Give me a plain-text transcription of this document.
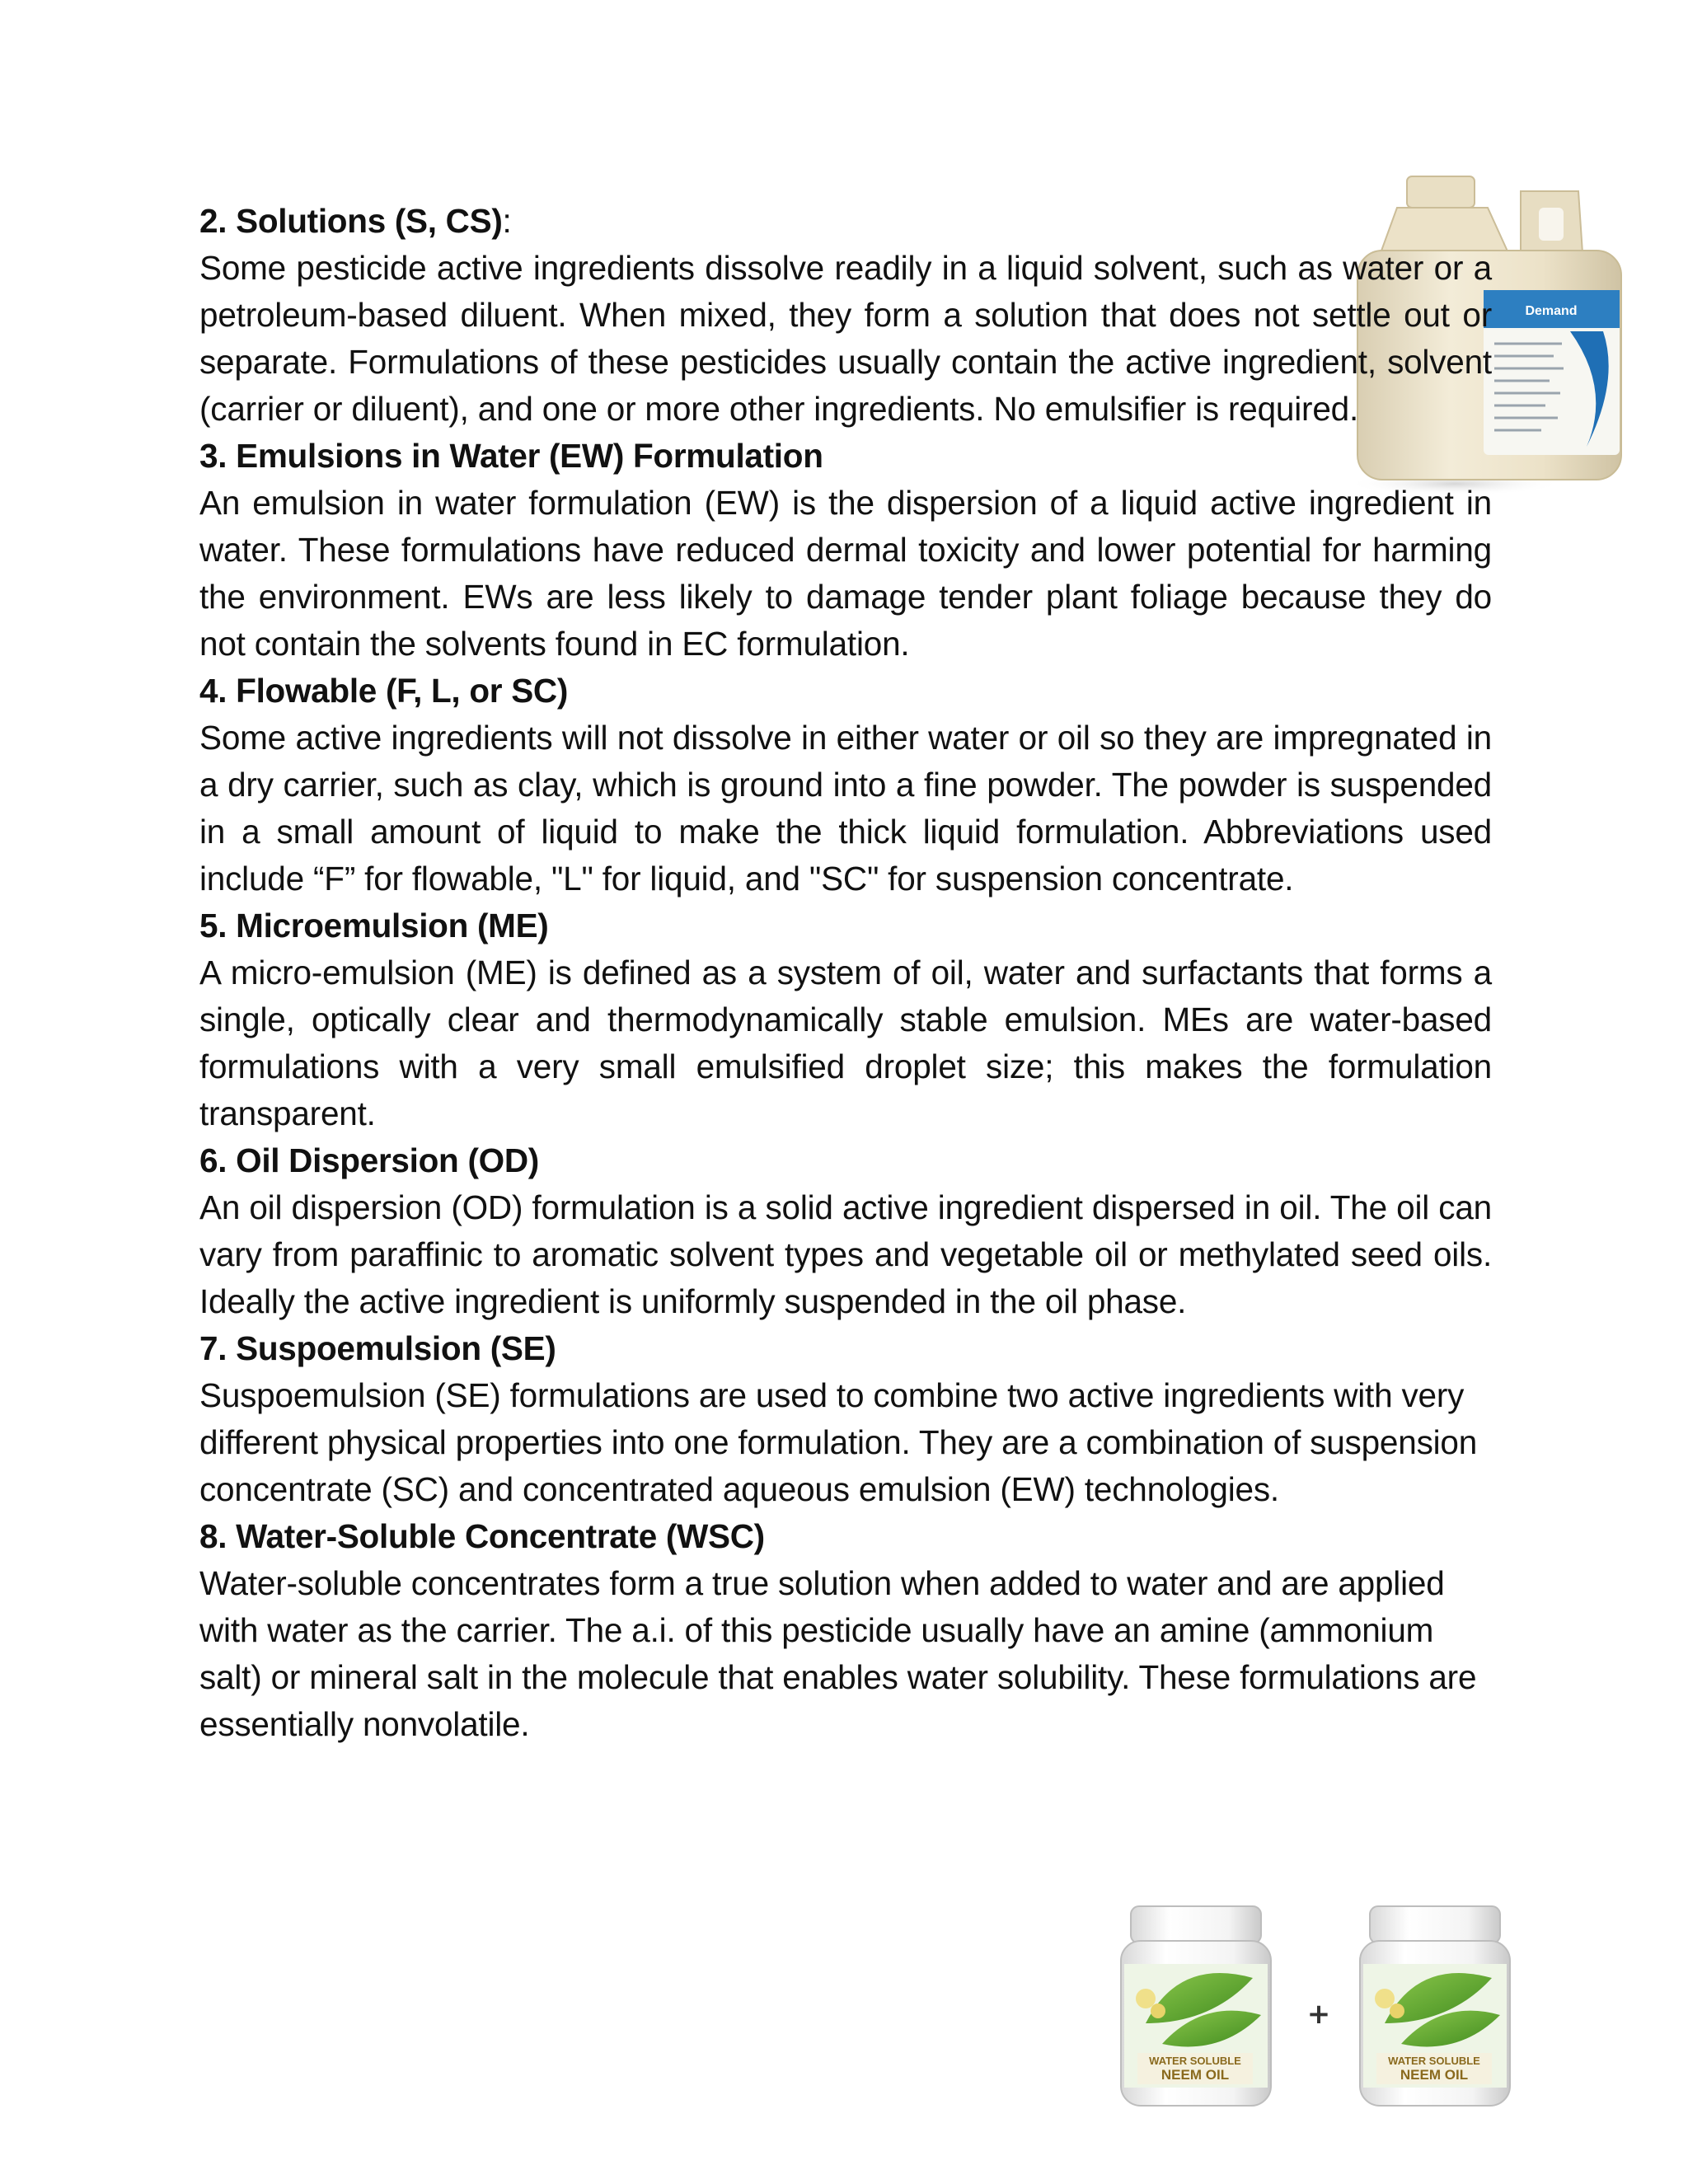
Demand
2. Solutions (S, CS):

Some pesticide active ingredients dissolve readily in a liquid solvent, such as water or a petroleum-based diluent. When mixed, they form a solution that does not settle out or separate. Formulations of these pesticides usually contain the active ingredient, solvent (carrier or diluent), and one or more other ingredients. No emulsifier is required.

3. Emulsions in Water (EW) Formulation

An emulsion in water formulation (EW) is the dispersion of a liquid active ingredient in water. These formulations have reduced dermal toxicity and lower potential for harming the environment. EWs are less likely to damage tender plant foliage because they do not contain the solvents found in EC formulation.

4. Flowable (F, L, or SC)

Some active ingredients will not dissolve in either water or oil so they are impregnated in a dry carrier, such as clay, which is ground into a fine powder. The powder is suspended in a small amount of liquid to make the thick liquid formulation. Abbreviations used include “F” for flowable, "L" for liquid, and "SC" for suspension concentrate.

5. Microemulsion (ME)

A micro-emulsion (ME) is defined as a system of oil, water and surfactants that forms a single, optically clear and thermodynamically stable emulsion. MEs are water-based formulations with a very small emulsified droplet size; this makes the formulation transparent.

6. Oil Dispersion (OD)

An oil dispersion (OD) formulation is a solid active ingredient dispersed in oil. The oil can vary from paraffinic to aromatic solvent types and vegetable oil or methylated seed oils. Ideally the active ingredient is uniformly suspended in the oil phase.

7. Suspoemulsion (SE)

Suspoemulsion (SE) formulations are used to combine two active ingredients with very different physical properties into one formulation. They are a combination of suspension concentrate (SC) and concentrated aqueous emulsion (EW) technologies.

8. Water-Soluble Concentrate (WSC)

Water-soluble concentrates form a true solution when added to water and are applied with water as the carrier. The a.i. of this pesticide usually have an amine (ammonium salt) or mineral salt in the molecule that enables water solubility. These formulations are essentially nonvolatile.

WATER SOLUBLE
NEEM OIL
+
WATER SOLUBLE
NEEM OIL
